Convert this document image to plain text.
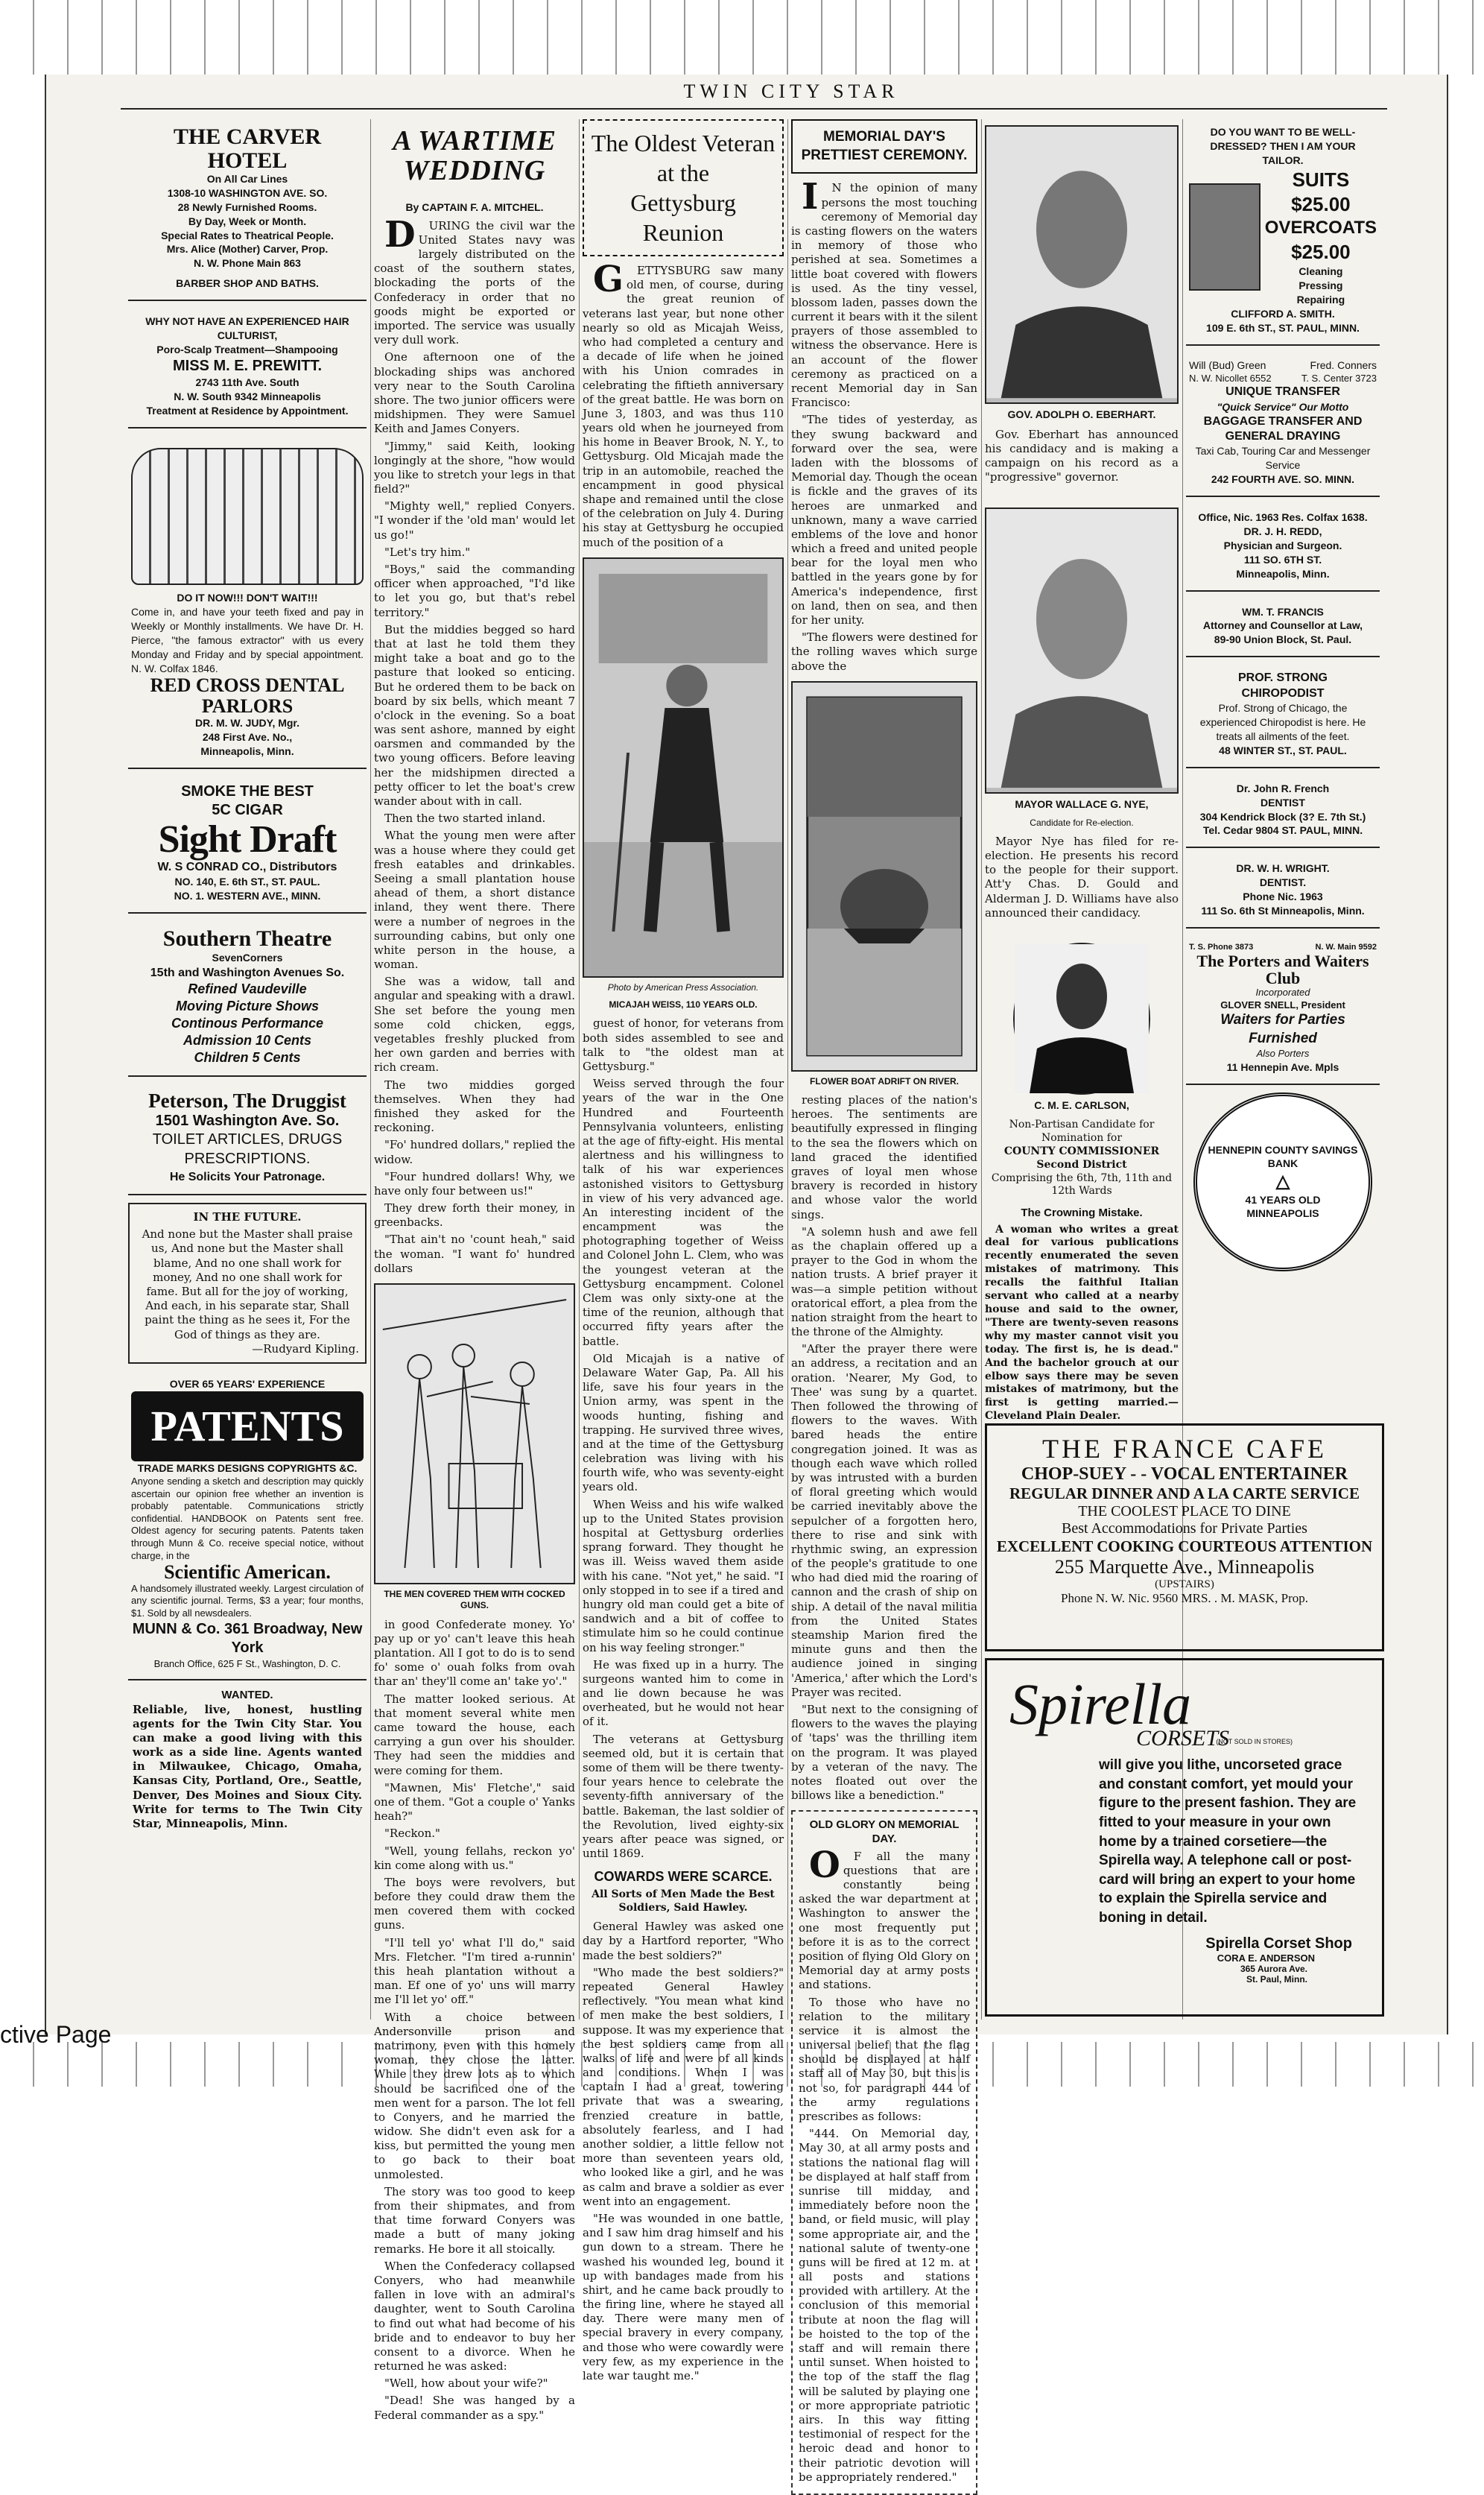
TWIN CITY STAR
THE CARVER HOTEL
On All Car Lines
1308-10 WASHINGTON AVE. SO.
28 Newly Furnished Rooms.
By Day, Week or Month.
Special Rates to Theatrical People.
Mrs. Alice (Mother) Carver, Prop.
N. W. Phone Main 863
BARBER SHOP AND BATHS.
WHY NOT HAVE AN EXPERIENCED HAIR CULTURIST,
Poro-Scalp Treatment—Shampooing
MISS M. E. PREWITT.
2743 11th Ave. South
N. W. South 9342 Minneapolis
Treatment at Residence by Appointment.
DO IT NOW!!! DON'T WAIT!!!
Come in, and have your teeth fixed and pay in Weekly or Monthly installments. We have Dr. H. Pierce, "the famous extractor" with us every Monday and Friday and by special appointment. N. W. Colfax 1846.
RED CROSS DENTAL PARLORS
DR. M. W. JUDY, Mgr.
248 First Ave. No.,
Minneapolis, Minn.
SMOKE THE BEST
5C CIGAR
Sight Draft
W. S CONRAD CO., Distributors
NO. 140, E. 6th ST., ST. PAUL.
NO. 1. WESTERN AVE., MINN.
Southern Theatre
SevenCorners
15th and Washington Avenues So.
Refined Vaudeville
Moving Picture Shows
Continous Performance
Admission 10 Cents
Children 5 Cents
Peterson, The Druggist
1501 Washington Ave. So.
TOILET ARTICLES, DRUGS PRESCRIPTIONS.
He Solicits Your Patronage.
IN THE FUTURE.
And none but the Master shall praise us, And none but the Master shall blame, And no one shall work for money, And no one shall work for fame. But all for the joy of working, And each, in his separate star, Shall paint the thing as he sees it, For the God of things as they are.
—Rudyard Kipling.
OVER 65 YEARS' EXPERIENCE
PATENTS
TRADE MARKS DESIGNS COPYRIGHTS &C.
Anyone sending a sketch and description may quickly ascertain our opinion free whether an invention is probably patentable. Communications strictly confidential. HANDBOOK on Patents sent free. Oldest agency for securing patents. Patents taken through Munn & Co. receive special notice, without charge, in the
Scientific American.
A handsomely illustrated weekly. Largest circulation of any scientific journal. Terms, $3 a year; four months, $1. Sold by all newsdealers.
MUNN & Co. 361 Broadway, New York
Branch Office, 625 F St., Washington, D. C.
WANTED.
Reliable, live, honest, hustling agents for the Twin City Star. You can make a good living with this work as a side line. Agents wanted in Milwaukee, Chicago, Omaha, Kansas City, Portland, Ore., Seattle, Denver, Des Moines and Sioux City. Write for terms to The Twin City Star, Minneapolis, Minn.
A WARTIME WEDDING
By CAPTAIN F. A. MITCHEL.

DURING the civil war the United States navy was largely distributed on the coast of the southern states, blockading the ports of the Confederacy in order that no goods might be exported or imported. The service was usually very dull work.

One afternoon one of the blockading ships was anchored very near to the South Carolina shore. The two junior officers were midshipmen. They were Samuel Keith and James Conyers.

"Jimmy," said Keith, looking longingly at the shore, "how would you like to stretch your legs in that field?"

"Mighty well," replied Conyers. "I wonder if the 'old man' would let us go!"

"Let's try him."

"Boys," said the commanding officer when approached, "I'd like to let you go, but that's rebel territory."

But the middies begged so hard that at last he told them they might take a boat and go to the pasture that looked so enticing. But he ordered them to be back on board by six bells, which meant 7 o'clock in the evening. So a boat was sent ashore, manned by eight oarsmen and commanded by the two young officers. Before leaving her the midshipmen directed a petty officer to let the boat's crew wander about with in call.

Then the two started inland.

What the young men were after was a house where they could get fresh eatables and drinkables. Seeing a small plantation house ahead of them, a short distance inland, they went there. There were a number of negroes in the surrounding cabins, but only one white person in the house, a woman.

She was a widow, tall and angular and speaking with a drawl. She set before the young men some cold chicken, eggs, vegetables freshly plucked from her own garden and berries with rich cream.

The two middies gorged themselves. When they had finished they asked for the reckoning.

"Fo' hundred dollars," replied the widow.

"Four hundred dollars! Why, we have only four between us!"

They drew forth their money, in greenbacks.

"That ain't no 'count heah," said the woman. "I want fo' hundred dollars

THE MEN COVERED THEM WITH COCKED GUNS.

in good Confederate money. Yo' pay up or yo' can't leave this heah plantation. All I got to do is to send fo' some o' ouah folks from ovah thar an' they'll come an' take yo'."

The matter looked serious. At that moment several white men came toward the house, each carrying a gun over his shoulder. They had seen the middies and were coming for them.

"Mawnen, Mis' Fletche'," said one of them. "Got a couple o' Yanks heah?"

"Reckon."

"Well, young fellahs, reckon yo' kin come along with us."

The boys were revolvers, but before they could draw them the men covered them with cocked guns.

"I'll tell yo' what I'll do," said Mrs. Fletcher. "I'm tired a-runnin' this heah plantation without a man. Ef one of yo' uns will marry me I'll let yo' off."

With a choice between Andersonville prison and matrimony, even with this homely woman, they chose the latter. While they drew lots as to which should be sacrificed one of the men went for a parson. The lot fell to Conyers, and he married the widow. She didn't even ask for a kiss, but permitted the young men to go back to their boat unmolested.

The story was too good to keep from their shipmates, and from that time forward Conyers was made a butt of many joking remarks. He bore it all stoically.

When the Confederacy collapsed Conyers, who had meanwhile fallen in love with an admiral's daughter, went to South Carolina to find out what had become of his bride and to endeavor to buy her consent to a divorce. When he returned he was asked:

"Well, how about your wife?"

"Dead! She was hanged by a Federal commander as a spy."

The Oldest Veteran
at the
Gettysburg Reunion

GETTYSBURG saw many old men, of course, during the great reunion of veterans last year, but none other nearly so old as Micajah Weiss, who had completed a century and a decade of life when he joined with his Union comrades in celebrating the fiftieth anniversary of the great battle. He was born on June 3, 1803, and was thus 110 years old when he journeyed from his home in Beaver Brook, N. Y., to Gettysburg. Old Micajah made the trip in an automobile, reached the encampment in good physical shape and remained until the close of the celebration on July 4. During his stay at Gettysburg he occupied much of the position of a

Photo by American Press Association.
MICAJAH WEISS, 110 YEARS OLD.

guest of honor, for veterans from both sides assembled to see and talk to "the oldest man at Gettysburg."

Weiss served through the four years of the war in the One Hundred and Fourteenth Pennsylvania volunteers, enlisting at the age of fifty-eight. His mental alertness and his willingness to talk of his war experiences astonished visitors to Gettysburg in view of his very advanced age. An interesting incident of the encampment was the photographing together of Weiss and Colonel John L. Clem, who was the youngest veteran at the Gettysburg encampment. Colonel Clem was only sixty-one at the time of the reunion, although that occurred fifty years after the battle.

Old Micajah is a native of Delaware Water Gap, Pa. All his life, save his four years in the Union army, was spent in the woods hunting, fishing and trapping. He survived three wives, and at the time of the Gettysburg celebration was living with his fourth wife, who was seventy-eight years old.

When Weiss and his wife walked up to the United States provision hospital at Gettysburg orderlies sprang forward. They thought he was ill. Weiss waved them aside with his cane. "Not yet," he said. "I only stopped in to see if a tired and hungry old man could get a bite of sandwich and a bit of coffee to stimulate him so he could continue on his way feeling stronger."

He was fixed up in a hurry. The surgeons wanted him to come in and lie down because he was overheated, but he would not hear of it.

The veterans at Gettysburg seemed old, but it is certain that some of them will be there twenty-four years hence to celebrate the seventy-fifth anniversary of the battle. Bakeman, the last soldier of the Revolution, lived eighty-six years after peace was signed, or until 1869.

COWARDS WERE SCARCE.
All Sorts of Men Made the Best Soldiers, Said Hawley.

General Hawley was asked one day by a Hartford reporter, "Who made the best soldiers?"

"Who made the best soldiers?" repeated General Hawley reflectively. "You mean what kind of men make the best soldiers, I suppose. It was my experience that the best soldiers came from all walks of life and were of all kinds and conditions. When I was captain I had a great, towering private that was a swearing, frenzied creature in battle, absolutely fearless, and I had another soldier, a little fellow not more than seventeen years old, who looked like a girl, and he was as calm and brave a soldier as ever went into an engagement.

"He was wounded in one battle, and I saw him drag himself and his gun down to a stream. There he washed his wounded leg, bound it up with bandages made from his shirt, and he came back proudly to the firing line, where he stayed all day. There were many men of special bravery in every company, and those who were cowardly were very few, as my experience in the late war taught me."

MEMORIAL DAY'S
PRETTIEST CEREMONY.

IN the opinion of many persons the most touching ceremony of Memorial day is casting flowers on the waters in memory of those who perished at sea. Sometimes a little boat covered with flowers is used. As the tiny vessel, blossom laden, passes down the current it bears with it the silent prayers of those assembled to witness the observance. Here is an account of the flower ceremony as practiced on a recent Memorial day in San Francisco:

"The tides of yesterday, as they swung backward and forward over the sea, were laden with the blossoms of Memorial day. Though the ocean is fickle and the graves of its heroes are unmarked and unknown, many a wave carried emblems of the love and honor which a freed and united people bear for the loyal men who battled in the years gone by for America's independence, first on land, then on sea, and then for her unity.

"The flowers were destined for the rolling waves which surge above the

FLOWER BOAT ADRIFT ON RIVER.

resting places of the nation's heroes. The sentiments are beautifully expressed in flinging to the sea the flowers which on land graced the identified graves of loyal men whose bravery is recorded in history and whose valor the world sings.

"A solemn hush and awe fell as the chaplain offered up a prayer to the God in whom the nation trusts. A brief prayer it was—a simple petition without oratorical effort, a plea from the nation straight from the heart to the throne of the Almighty.

"After the prayer there were an address, a recitation and an oration. 'Nearer, My God, to Thee' was sung by a quartet. Then followed the throwing of flowers to the waves. With bared heads the entire congregation joined. It was as though each wave which rolled by was intrusted with a burden of floral greeting which would be carried inevitably above the sepulcher of a forgotten hero, there to rise and sink with rhythmic swing, an expression of the people's gratitude to one who had died mid the roaring of cannon and the crash of ship on ship. A detail of the naval militia from the United States steamship Marion fired the minute guns and then the audience joined in singing 'America,' after which the Lord's Prayer was recited.

"But next to the consigning of flowers to the waves the playing of 'taps' was the thrilling item on the program. It was played by a veteran of the navy. The notes floated out over the billows like a benediction."

OLD GLORY ON MEMORIAL DAY.

OF all the many questions that are constantly being asked the war department at Washington to answer the one most frequently put before it is as to the correct position of flying Old Glory on Memorial day at army posts and stations.

To those who have no relation to the military service it is almost the universal belief that the flag should be displayed at half staff all of May 30, but this is not so, for paragraph 444 of the army regulations prescribes as follows:

"444. On Memorial day, May 30, at all army posts and stations the national flag will be displayed at half staff from sunrise till midday, and immediately before noon the band, or field music, will play some appropriate air, and the national salute of twenty-one guns will be fired at 12 m. at all posts and stations provided with artillery. At the conclusion of this memorial tribute at noon the flag will be hoisted to the top of the staff and will remain there until sunset. When hoisted to the top of the staff the flag will be saluted by playing one or more appropriate patriotic airs. In this way fitting testimonial of respect for the heroic dead and honor to their patriotic devotion will be appropriately rendered."

GOV. ADOLPH O. EBERHART.

Gov. Eberhart has announced his candidacy and is making a campaign on his record as a "progressive" governor.

MAYOR WALLACE G. NYE,
Candidate for Re-election.

Mayor Nye has filed for re-election. He presents his record to the people for their support. Att'y Chas. D. Gould and Alderman J. D. Williams have also announced their candidacy.

C. M. E. CARLSON,
Non-Partisan Candidate for Nomination for
COUNTY COMMISSIONER
Second District
Comprising the 6th, 7th, 11th and 12th Wards
The Crowning Mistake.

A woman who writes a great deal for various publications recently enumerated the seven mistakes of matrimony. This recalls the faithful Italian servant who called at a nearby house and said to the owner, "There are twenty-seven reasons why my master cannot visit you today. The first is, he is dead." And the bachelor grouch at our elbow says there may be seven mistakes of matrimony, but the first is getting married.—Cleveland Plain Dealer.

DO YOU WANT TO BE WELL-DRESSED? THEN I AM YOUR TAILOR.
SUITS
$25.00
OVERCOATS
$25.00
Cleaning
Pressing
Repairing
CLIFFORD A. SMITH.
109 E. 6th ST., ST. PAUL, MINN.
Will (Bud) Green	Fred. Conners
N. W. Nicollet 6552	T. S. Center 3723
UNIQUE TRANSFER
"Quick Service" Our Motto
BAGGAGE TRANSFER AND GENERAL DRAYING
Taxi Cab, Touring Car and Messenger Service
242 FOURTH AVE. SO. MINN.
Office, Nic. 1963 Res. Colfax 1638.
DR. J. H. REDD,
Physician and Surgeon.
111 SO. 6TH ST.
Minneapolis, Minn.
WM. T. FRANCIS
Attorney and Counsellor at Law,
89-90 Union Block, St. Paul.
PROF. STRONG
CHIROPODIST
Prof. Strong of Chicago, the experienced Chiropodist is here. He treats all ailments of the feet.
48 WINTER ST., ST. PAUL.
Dr. John R. French
DENTIST
304 Kendrick Block (3? E. 7th St.)
Tel. Cedar 9804 ST. PAUL, MINN.
DR. W. H. WRIGHT.
DENTIST.
Phone Nic. 1963
111 So. 6th St Minneapolis, Minn.
T. S. Phone 3873	N. W. Main 9592
The Porters and Waiters Club
Incorporated
GLOVER SNELL, President
Waiters for Parties Furnished
Also Porters
11 Hennepin Ave. Mpls
HENNEPIN COUNTY SAVINGS BANK
△
41 YEARS OLD
MINNEAPOLIS
THE FRANCE CAFE
CHOP-SUEY - - VOCAL ENTERTAINER
REGULAR DINNER AND A LA CARTE SERVICE
THE COOLEST PLACE TO DINE
Best Accommodations for Private Parties
EXCELLENT COOKING COURTEOUS ATTENTION
255 Marquette Ave., Minneapolis
(UPSTAIRS)
Phone N. W. Nic. 9560 MRS. . M. MASK, Prop.
Spirella
CORSETS
(NOT SOLD IN STORES)
will give you lithe, uncorseted grace and constant comfort, yet mould your figure to the present fashion. They are fitted to your measure in your own home by a trained corsetiere—the Spirella way. A telephone call or post-card will bring an expert to your home to explain the Spirella service and boning in detail.
Spirella Corset Shop
CORA E. ANDERSON
365 Aurora Ave.
St. Paul, Minn.
ctive Page
